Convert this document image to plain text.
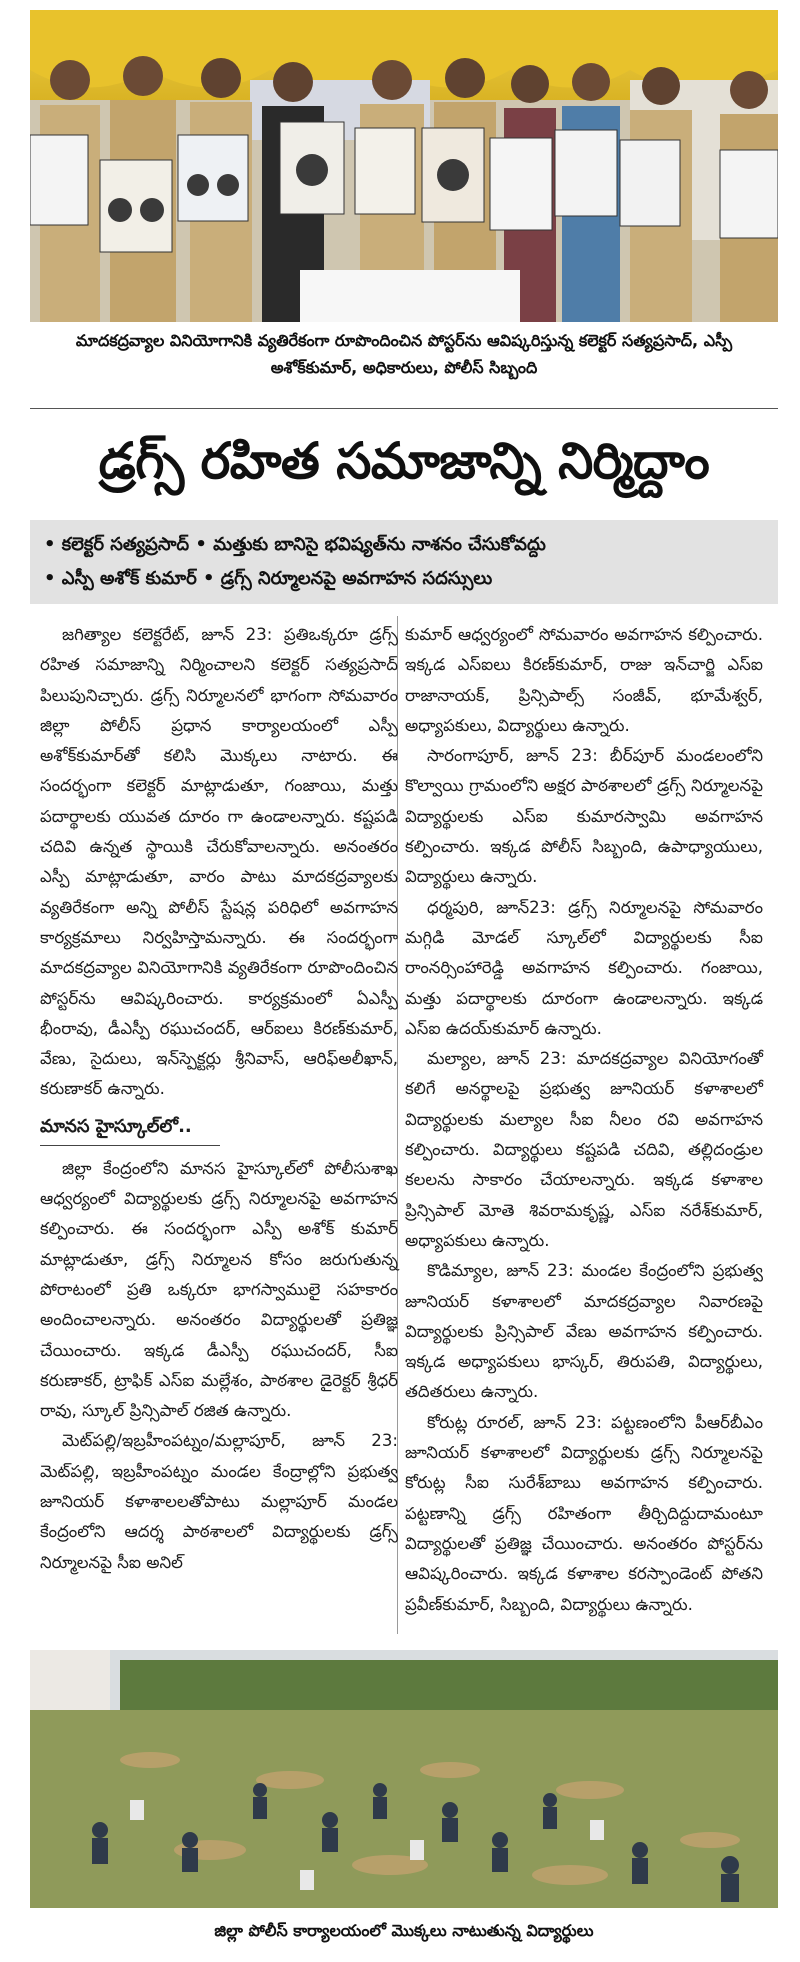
మాదకద్రవ్యాల వినియోగానికి వ్యతిరేకంగా రూపొందించిన పోస్టర్‌ను ఆవిష్కరిస్తున్న కలెక్టర్‌ సత్యప్రసాద్‌, ఎస్పీ అశోక్‌కుమార్‌, అధికారులు, పోలీస్‌ సిబ్బంది
డ్రగ్స్‌ రహిత సమాజాన్ని నిర్మిద్దాం
• కలెక్టర్‌ సత్యప్రసాద్‌ • మత్తుకు బానిసై భవిష్యత్‌ను నాశనం చేసుకోవద్దు
• ఎస్పీ అశోక్‌ కుమార్‌ • డ్రగ్స్‌ నిర్మూలనపై అవగాహన సదస్సులు

జగిత్యాల కలెక్టరేట్‌, జూన్‌ 23: ప్రతిఒక్కరూ డ్రగ్స్‌ రహిత సమాజాన్ని నిర్మించాలని కలెక్టర్‌ సత్యప్రసాద్‌ పిలుపునిచ్చారు. డ్రగ్స్‌ నిర్మూలనలో భాగంగా సోమవారం జిల్లా పోలీస్‌ ప్రధాన కార్యాలయంలో ఎస్పీ అశోక్‌కుమార్‌తో కలిసి మొక్కలు నాటారు. ఈ సందర్భంగా కలెక్టర్‌ మాట్లాడుతూ, గంజాయి, మత్తు పదార్థాలకు యువత దూరం గా ఉండాలన్నారు. కష్టపడి చదివి ఉన్నత స్థాయికి చేరుకోవాలన్నారు. అనంతరం ఎస్పీ మాట్లాడుతూ, వారం పాటు మాదకద్రవ్యాలకు వ్యతిరేకంగా అన్ని పోలీస్‌ స్టేషన్ల పరిధిలో అవగాహన కార్యక్రమాలు నిర్వహిస్తామన్నారు. ఈ సందర్భంగా మాదకద్రవ్యాల వినియోగానికి వ్యతిరేకంగా రూపొందించిన పోస్టర్‌ను ఆవిష్కరించారు. కార్యక్రమంలో ఏఎస్పీ భీంరావు, డీఎస్పీ రఘుచందర్‌, ఆర్‌ఐలు కిరణ్‌కుమార్‌, వేణు, సైదులు, ఇన్‌స్పెక్టర్లు శ్రీనివాస్‌, ఆరిఫ్‌అలీఖాన్‌, కరుణాకర్‌ ఉన్నారు.

మానస హైస్కూల్‌లో..

జిల్లా కేంద్రంలోని మానస హైస్కూల్‌లో పోలీసుశాఖ ఆధ్వర్యంలో విద్యార్థులకు డ్రగ్స్‌ నిర్మూలనపై అవగాహన కల్పించారు. ఈ సందర్భంగా ఎస్పీ అశోక్‌ కుమార్‌ మాట్లాడుతూ, డ్రగ్స్‌ నిర్మూలన కోసం జరుగుతున్న పోరాటంలో ప్రతి ఒక్కరూ భాగస్వాములై సహకారం అందించాలన్నారు. అనంతరం విద్యార్థులతో ప్రతిజ్ఞ చేయించారు. ఇక్కడ డీఎస్పీ రఘుచందర్‌, సీఐ కరుణాకర్‌, ట్రాఫిక్‌ ఎస్‌ఐ మల్లేశం, పాఠశాల డైరెక్టర్‌ శ్రీధర్‌ రావు, స్కూల్‌ ప్రిన్సిపాల్‌ రజిత ఉన్నారు.

మెట్‌పల్లి/ఇబ్రహీంపట్నం/మల్లాపూర్‌, జూన్‌ 23: మెట్‌పల్లి, ఇబ్రహీంపట్నం మండల కేంద్రాల్లోని ప్రభుత్వ జూనియర్‌ కళాశాలలతోపాటు మల్లాపూర్‌ మండల కేంద్రంలోని ఆదర్శ పాఠశాలలో విద్యార్థులకు డ్రగ్స్‌ నిర్మూలనపై సీఐ అనిల్‌

కుమార్‌ ఆధ్వర్యంలో సోమవారం అవగాహన కల్పించారు. ఇక్కడ ఎస్‌ఐలు కిరణ్‌కుమార్‌, రాజు ఇన్‌చార్జి ఎస్‌ఐ రాజానాయక్‌, ప్రిన్సిపాల్స్‌ సంజీవ్‌, భూమేశ్వర్‌, అధ్యాపకులు, విద్యార్థులు ఉన్నారు.

సారంగాపూర్‌, జూన్‌ 23: బీర్‌పూర్‌ మండలంలోని కొల్వాయి గ్రామంలోని అక్షర పాఠశాలలో డ్రగ్స్‌ నిర్మూలనపై విద్యార్థులకు ఎస్‌ఐ కుమారస్వామి అవగాహన కల్పించారు. ఇక్కడ పోలీస్‌ సిబ్బంది, ఉపాధ్యాయులు, విద్యార్థులు ఉన్నారు.

ధర్మపురి, జూన్‌23: డ్రగ్స్‌ నిర్మూలనపై సోమవారం మగ్గిడి మోడల్‌ స్కూల్‌లో విద్యార్థులకు సీఐ రాంనర్సింహారెడ్డి అవగాహన కల్పించారు. గంజాయి, మత్తు పదార్థాలకు దూరంగా ఉండాలన్నారు. ఇక్కడ ఎస్‌ఐ ఉదయ్‌కుమార్‌ ఉన్నారు.

మల్యాల, జూన్‌ 23: మాదకద్రవ్యాల వినియోగంతో కలిగే అనర్థాలపై ప్రభుత్వ జూనియర్‌ కళాశాలలో విద్యార్థులకు మల్యాల సీఐ నీలం రవి అవగాహన కల్పించారు. విద్యార్థులు కష్టపడి చదివి, తల్లిదండ్రుల కలలను సాకారం చేయాలన్నారు. ఇక్కడ కళాశాల ప్రిన్సిపాల్‌ మోతె శివరామకృష్ణ, ఎస్‌ఐ నరేశ్‌కుమార్‌, అధ్యాపకులు ఉన్నారు.

కొడిమ్యాల, జూన్‌ 23: మండల కేంద్రంలోని ప్రభుత్వ జూనియర్‌ కళాశాలలో మాదకద్రవ్యాల నివారణపై విద్యార్థులకు ప్రిన్సిపాల్‌ వేణు అవగాహన కల్పించారు. ఇక్కడ అధ్యాపకులు భాస్కర్‌, తిరుపతి, విద్యార్థులు, తదితరులు ఉన్నారు.

కోరుట్ల రూరల్‌, జూన్‌ 23: పట్టణంలోని పీఆర్‌బీఎం జూనియర్‌ కళాశాలలో విద్యార్థులకు డ్రగ్స్‌ నిర్మూలనపై కోరుట్ల సీఐ సురేశ్‌బాబు అవగాహన కల్పించారు. పట్టణాన్ని డ్రగ్స్‌ రహితంగా తీర్చిదిద్దుదామంటూ విద్యార్థులతో ప్రతిజ్ఞ చేయించారు. అనంతరం పోస్టర్‌ను ఆవిష్కరించారు. ఇక్కడ కళాశాల కరస్పాండెంట్‌ పోతని ప్రవీణ్‌కుమార్‌, సిబ్బంది, విద్యార్థులు ఉన్నారు.

జిల్లా పోలీస్‌ కార్యాలయంలో మొక్కలు నాటుతున్న విద్యార్థులు
